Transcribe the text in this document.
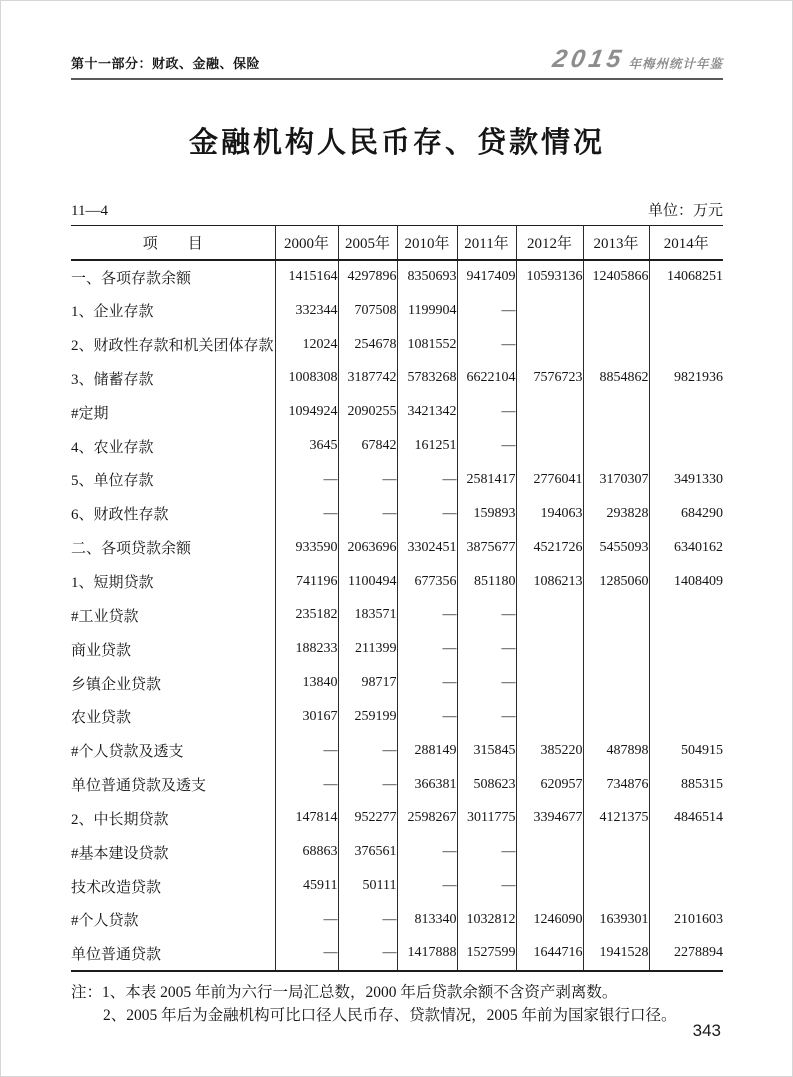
第十一部分：财政、金融、保险	2015 年梅州统计年鉴
金融机构人民币存、贷款情况
11—4	单位：万元
项　　目	2000年	2005年	2010年	2011年	2012年	2013年	2014年
一、各项存款余额	1415164	4297896	8350693	9417409	10593136	12405866	14068251
1、企业存款	332344	707508	1199904	—			
2、财政性存款和机关团体存款	12024	254678	1081552	—			
3、储蓄存款	1008308	3187742	5783268	6622104	7576723	8854862	9821936
#定期	1094924	2090255	3421342	—			
4、农业存款	3645	67842	161251	—			
5、单位存款	—	—	—	2581417	2776041	3170307	3491330
6、财政性存款	—	—	—	159893	194063	293828	684290
二、各项贷款余额	933590	2063696	3302451	3875677	4521726	5455093	6340162
1、短期贷款	741196	1100494	677356	851180	1086213	1285060	1408409
#工业贷款	235182	183571	—	—			
商业贷款	188233	211399	—	—			
乡镇企业贷款	13840	98717	—	—			
农业贷款	30167	259199	—	—			
#个人贷款及透支	—	—	288149	315845	385220	487898	504915
单位普通贷款及透支	—	—	366381	508623	620957	734876	885315
2、中长期贷款	147814	952277	2598267	3011775	3394677	4121375	4846514
#基本建设贷款	68863	376561	—	—			
技术改造贷款	45911	50111	—	—			
#个人贷款	—	—	813340	1032812	1246090	1639301	2101603
单位普通贷款	—	—	1417888	1527599	1644716	1941528	2278894
注：1、本表 2005 年前为六行一局汇总数，2000 年后贷款余额不含资产剥离数。
2、2005 年后为金融机构可比口径人民币存、贷款情况，2005 年前为国家银行口径。
343
